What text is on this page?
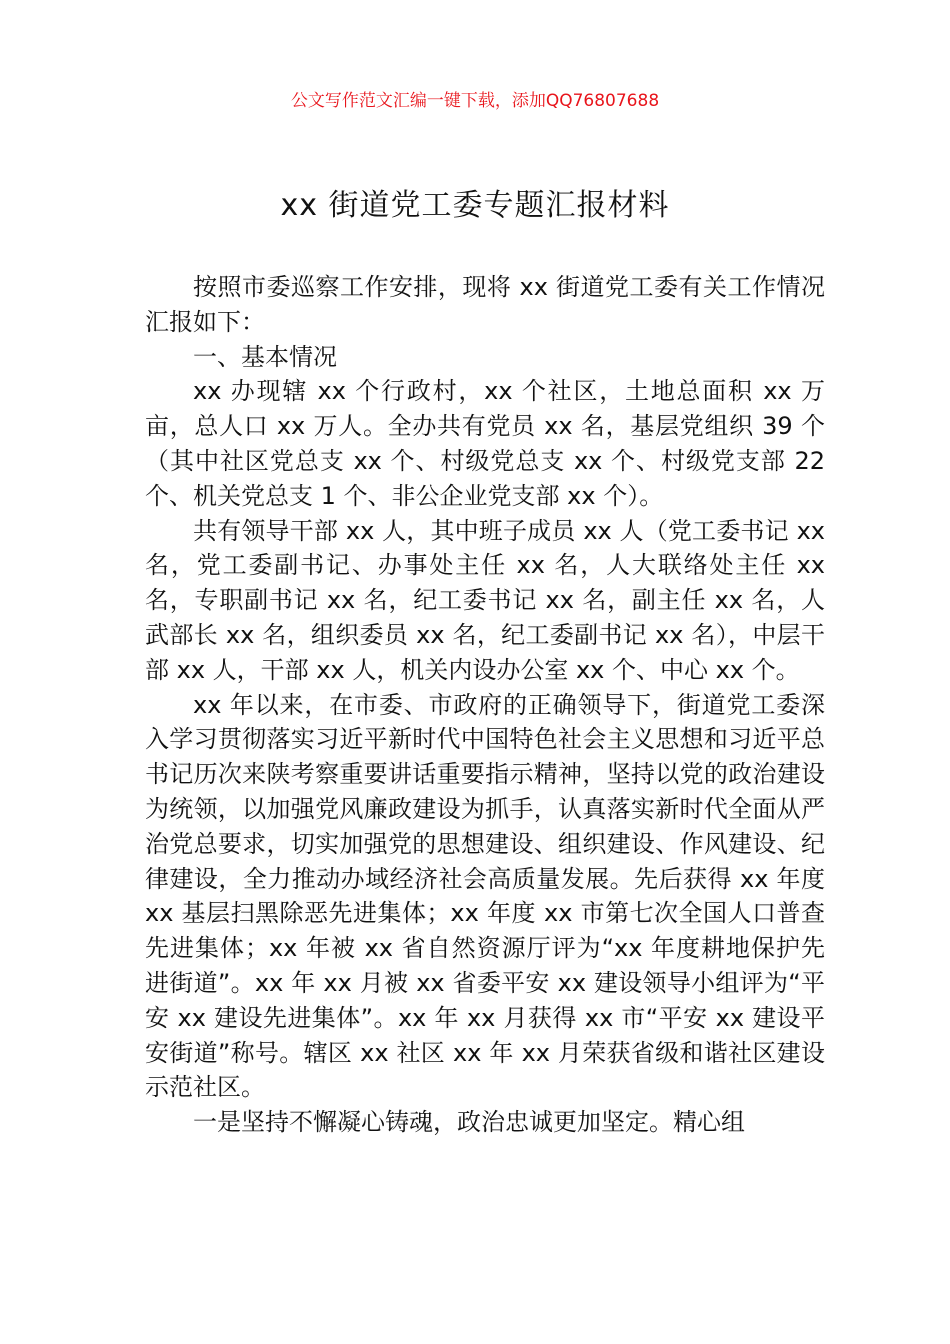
公文写作范文汇编一键下载，添加QQ76807688
xx 街道党工委专题汇报材料

按照市委巡察工作安排，现将 xx 街道党工委有关工作情况汇报如下：

一、基本情况

xx 办现辖 xx 个行政村，xx 个社区，土地总面积 xx 万亩，总人口 xx 万人。全办共有党员 xx 名，基层党组织 39 个（其中社区党总支 xx 个、村级党总支 xx 个、村级党支部 22 个、机关党总支 1 个、非公企业党支部 xx 个）。

共有领导干部 xx 人，其中班子成员 xx 人（党工委书记 xx 名，党工委副书记、办事处主任 xx 名，人大联络处主任 xx 名，专职副书记 xx 名，纪工委书记 xx 名，副主任 xx 名，人武部长 xx 名，组织委员 xx 名，纪工委副书记 xx 名），中层干部 xx 人，干部 xx 人，机关内设办公室 xx 个、中心 xx 个。

xx 年以来，在市委、市政府的正确领导下，街道党工委深入学习贯彻落实习近平新时代中国特色社会主义思想和习近平总书记历次来陕考察重要讲话重要指示精神，坚持以党的政治建设为统领，以加强党风廉政建设为抓手，认真落实新时代全面从严治党总要求，切实加强党的思想建设、组织建设、作风建设、纪律建设，全力推动办域经济社会高质量发展。先后获得 xx 年度 xx 基层扫黑除恶先进集体；xx 年度 xx 市第七次全国人口普查先进集体；xx 年被 xx 省自然资源厅评为“xx 年度耕地保护先进街道”。xx 年 xx 月被 xx 省委平安 xx 建设领导小组评为“平安 xx 建设先进集体”。xx 年 xx 月获得 xx 市“平安 xx 建设平安街道”称号。辖区 xx 社区 xx 年 xx 月荣获省级和谐社区建设示范社区。

一是坚持不懈凝心铸魂，政治忠诚更加坚定。精心组
